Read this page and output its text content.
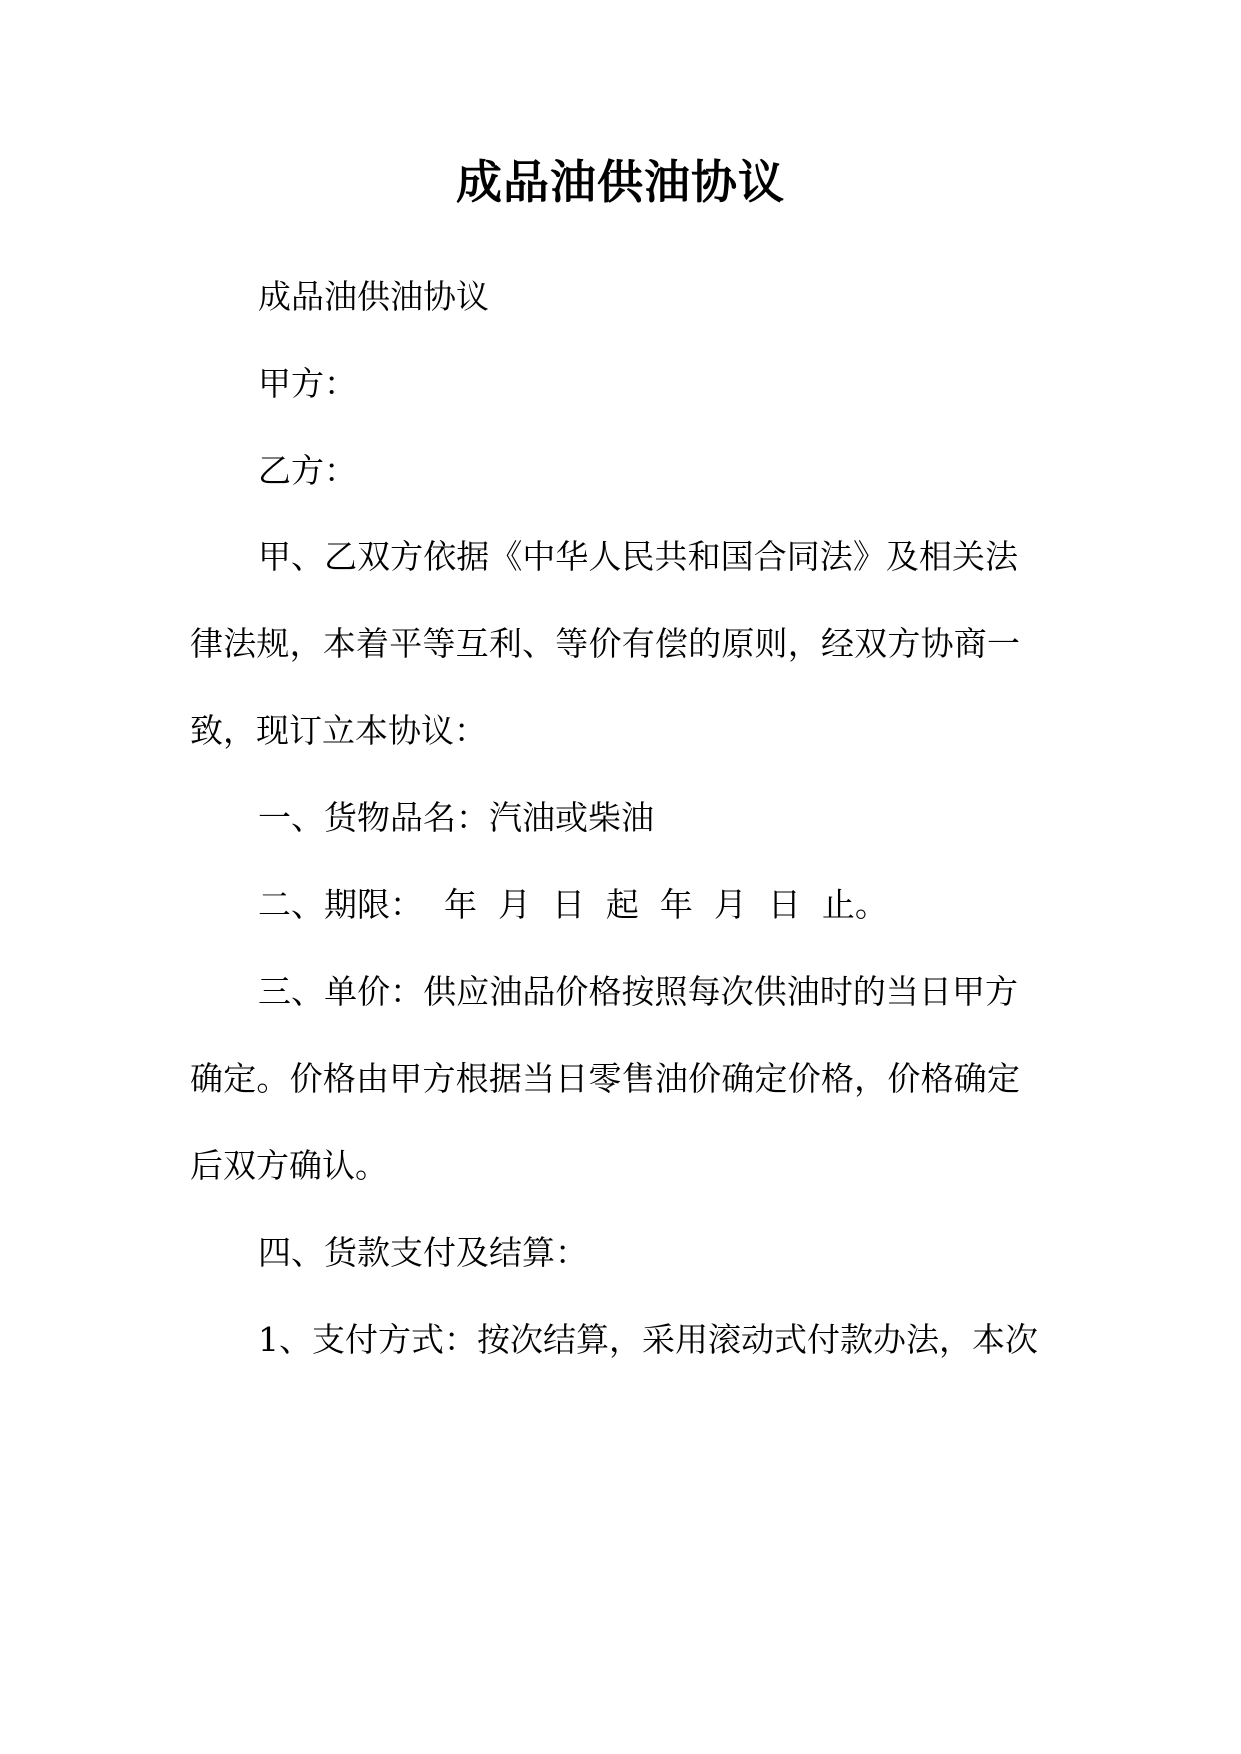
成品油供油协议

成品油供油协议

甲方：

乙方：

甲、乙双方依据《中华人民共和国合同法》及相关法

律法规，本着平等互利、等价有偿的原则，经双方协商一

致，现订立本协议：

一、货物品名：汽油或柴油

二、期限：  年  月  日  起  年  月  日  止。

三、单价：供应油品价格按照每次供油时的当日甲方

确定。价格由甲方根据当日零售油价确定价格，价格确定

后双方确认。

四、货款支付及结算：

1、支付方式：按次结算，采用滚动式付款办法，本次
